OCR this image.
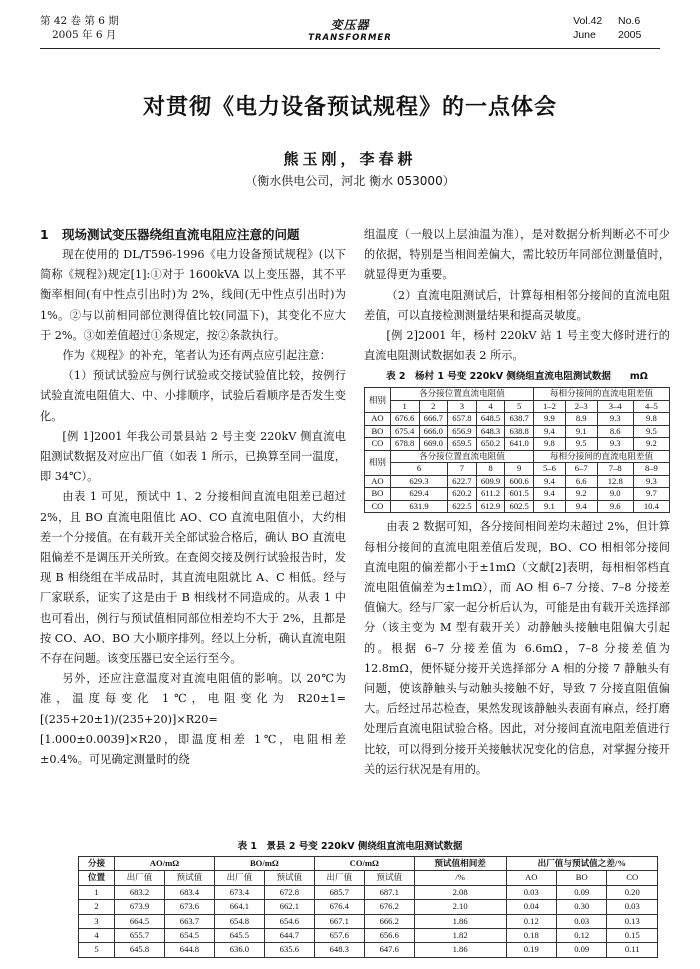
第 42 卷 第 6 期
2005 年 6 月
变压器
TRANSFORMER
Vol.42 No.6
June 2005
对贯彻《电力设备预试规程》的一点体会
熊玉刚，李春耕
（衡水供电公司，河北 衡水 053000）
1 现场测试变压器绕组直流电阻应注意的问题

现在使用的 DL/T596-1996《电力设备预试规程》(以下简称《规程》)规定[1]:①对于 1600kVA 以上变压器，其不平衡率相间(有中性点引出时)为 2%，线间(无中性点引出时)为 1%。②与以前相同部位测得值比较(同温下)，其变化不应大于 2%。③如差值超过①条规定，按②条款执行。

作为《规程》的补充，笔者认为还有两点应引起注意：

（1）预试试验应与例行试验或交接试验值比较，按例行试验直流电阻值大、中、小排顺序，试验后看顺序是否发生变化。

[例 1]2001 年我公司景县站 2 号主变 220kV 侧直流电阻测试数据及对应出厂值（如表 1 所示，已换算至同一温度，即 34℃）。

由表 1 可见，预试中 1、2 分接相间直流电阻差已超过 2%，且 BO 直流电阻值比 AO、CO 直流电阻值小，大约相差一个分接值。在有载开关全部试验合格后，确认 BO 直流电阻偏差不是调压开关所致。在查阅交接及例行试验报告时，发现 B 相绕组在半成品时，其直流电阻就比 A、C 相低。经与厂家联系，证实了这是由于 B 相线材不同造成的。从表 1 中也可看出，例行与预试值相同部位相差均不大于 2%，且都是按 CO、AO、BO 大小顺序排列。经以上分析，确认直流电阻不存在问题。该变压器已安全运行至今。

另外，还应注意温度对直流电阻值的影响。以 20℃为准，温度每变化 1℃，电阻变化为 R20±1=[(235+20±1)/(235+20)]×R20=[1.000±0.0039]×R20，即温度相差 1℃，电阻相差±0.4%。可见确定测量时的绕

组温度（一般以上层油温为准），是对数据分析判断必不可少的依据，特别是当相间差偏大，需比较历年同部位测量值时，就显得更为重要。

（2）直流电阻测试后，计算每相相邻分接间的直流电阻差值，可以直接检测测量结果和提高灵敏度。

[例 2]2001 年，杨村 220kV 站 1 号主变大修时进行的直流电阻测试数据如表 2 所示。

表 2　杨村 1 号变 220kV 侧绕组直流电阻测试数据　　mΩ
相别	各分接位置直流电阻值					每相分接间的直流电阻差值			
	1	2	3	4	5	1–2	2–3	3–4	4–5
AO	676.6	666.7	657.8	648.5	638.7	9.9	8.9	9.3	9.8
BO	675.4	666.0	656.9	648.3	638.8	9.4	9.1	8.6	9.5
CO	678.8	669.0	659.5	650.2	641.0	9.8	9.5	9.3	9.2
相别	各分接位置直流电阻值					每相分接间的直流电阻差值			
	6		7	8	9	5–6	6–7	7–8	8–9
AO	629.3		622.7	609.9	600.6	9.4	6.6	12.8	9.3
BO	629.4		620.2	611.2	601.5	9.4	9.2	9.0	9.7
CO	631.9		622.5	612.9	602.5	9.1	9.4	9.6	10.4

由表 2 数据可知，各分接间相间差均未超过 2%，但计算每相分接间的直流电阻差值后发现，BO、CO 相相邻分接间直流电阻的偏差都小于±1mΩ（文献[2]表明，每相相邻档直流电阻值偏差为±1mΩ），而 AO 相 6–7 分接、7–8 分接差值偏大。经与厂家一起分析后认为，可能是由有载开关选择部分（该主变为 M 型有载开关）动静触头接触电阻偏大引起的。根据 6–7 分接差值为 6.6mΩ，7–8 分接差值为 12.8mΩ，便怀疑分接开关选择部分 A 相的分接 7 静触头有问题，使该静触头与动触头接触不好，导致 7 分接直阻值偏大。后经过吊芯检查，果然发现该静触头表面有麻点，经打磨处理后直流电阻试验合格。因此，对分接间直流电阻差值进行比较，可以得到分接开关接触状况变化的信息，对掌握分接开关的运行状况是有用的。

表 1　景县 2 号变 220kV 侧绕组直流电阻测试数据
分接	AO/mΩ		BO/mΩ		CO/mΩ		预试值相间差	出厂值与预试值之差/%		
位置	出厂值	预试值	出厂值	预试值	出厂值	预试值	/%	AO	BO	CO
1	683.2	683.4	673.4	672.8	685.7	687.1	2.08	0.03	0.09	0.20
2	673.9	673.6	664.1	662.1	676.4	676.2	2.10	0.04	0.30	0.03
3	664.5	663.7	654.8	654.6	667.1	666.2	1.86	0.12	0.03	0.13
4	655.7	654.5	645.5	644.7	657.6	656.6	1.82	0.18	0.12	0.15
5	645.8	644.8	636.0	635.6	648.3	647.6	1.86	0.19	0.09	0.11
